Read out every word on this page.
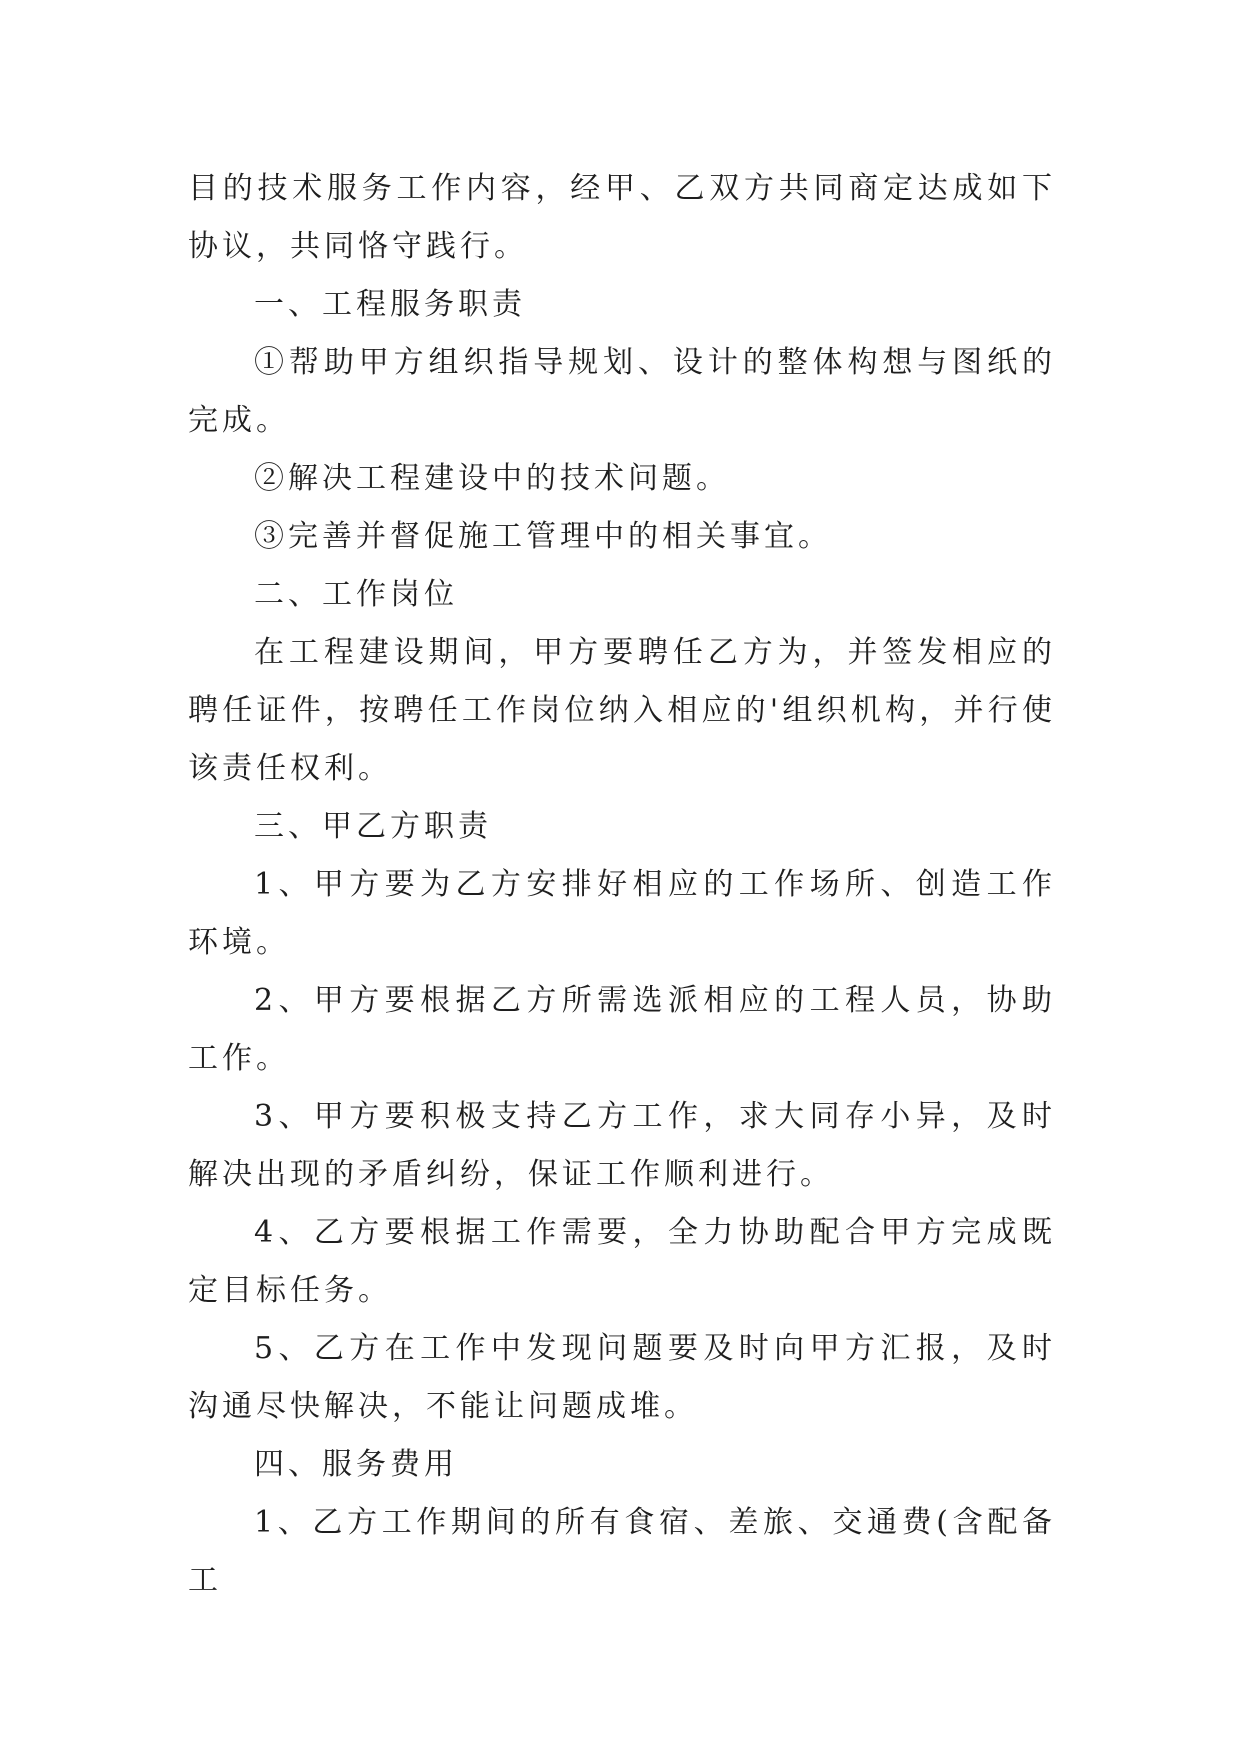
目的技术服务工作内容，经甲、乙双方共同商定达成如下协议，共同恪守践行。

一、工程服务职责

①帮助甲方组织指导规划、设计的整体构想与图纸的完成。

②解决工程建设中的技术问题。

③完善并督促施工管理中的相关事宜。

二、工作岗位

在工程建设期间，甲方要聘任乙方为，并签发相应的聘任证件，按聘任工作岗位纳入相应的'组织机构，并行使该责任权利。

三、甲乙方职责

1、甲方要为乙方安排好相应的工作场所、创造工作环境。

2、甲方要根据乙方所需选派相应的工程人员，协助工作。

3、甲方要积极支持乙方工作，求大同存小异，及时解决出现的矛盾纠纷，保证工作顺利进行。

4、乙方要根据工作需要，全力协助配合甲方完成既定目标任务。

5、乙方在工作中发现问题要及时向甲方汇报，及时沟通尽快解决，不能让问题成堆。

四、服务费用

1、乙方工作期间的所有食宿、差旅、交通费(含配备工
